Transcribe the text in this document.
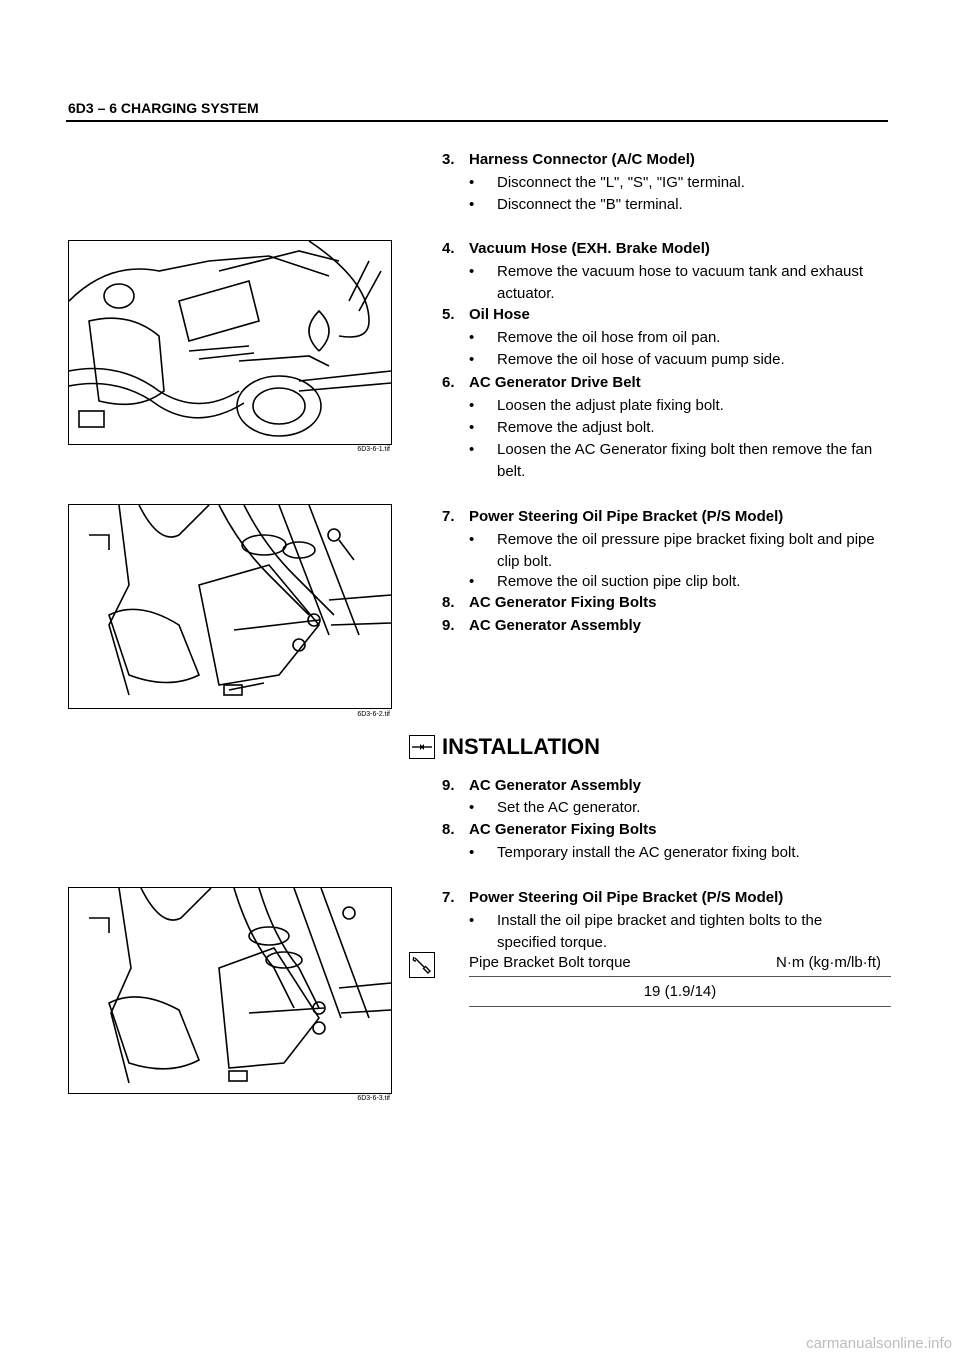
6D3 – 6 CHARGING SYSTEM
3. Harness Connector (A/C Model)
• Disconnect the "L", "S", "IG" terminal.
• Disconnect the "B" terminal.
6D3-6-1.tif
4. Vacuum Hose (EXH. Brake Model)
• Remove the vacuum hose to vacuum tank and exhaust actuator.
5. Oil Hose
• Remove the oil hose from oil pan.
• Remove the oil hose of vacuum pump side.
6. AC Generator Drive Belt
• Loosen the adjust plate fixing bolt.
• Remove the adjust bolt.
• Loosen the AC Generator fixing bolt then remove the fan belt.
6D3-6-2.tif
7. Power Steering Oil Pipe Bracket (P/S Model)
• Remove the oil pressure pipe bracket fixing bolt and pipe clip bolt.
• Remove the oil suction pipe clip bolt.
8. AC Generator Fixing Bolts
9. AC Generator Assembly
INSTALLATION
9. AC Generator Assembly
• Set the AC generator.
8. AC Generator Fixing Bolts
• Temporary install the AC generator fixing bolt.
6D3-6-3.tif
7. Power Steering Oil Pipe Bracket (P/S Model)
• Install the oil pipe bracket and tighten bolts to the specified torque.
Pipe Bracket Bolt torque	N·m (kg·m/lb·ft)
19 (1.9/14)
carmanualsonline.info
